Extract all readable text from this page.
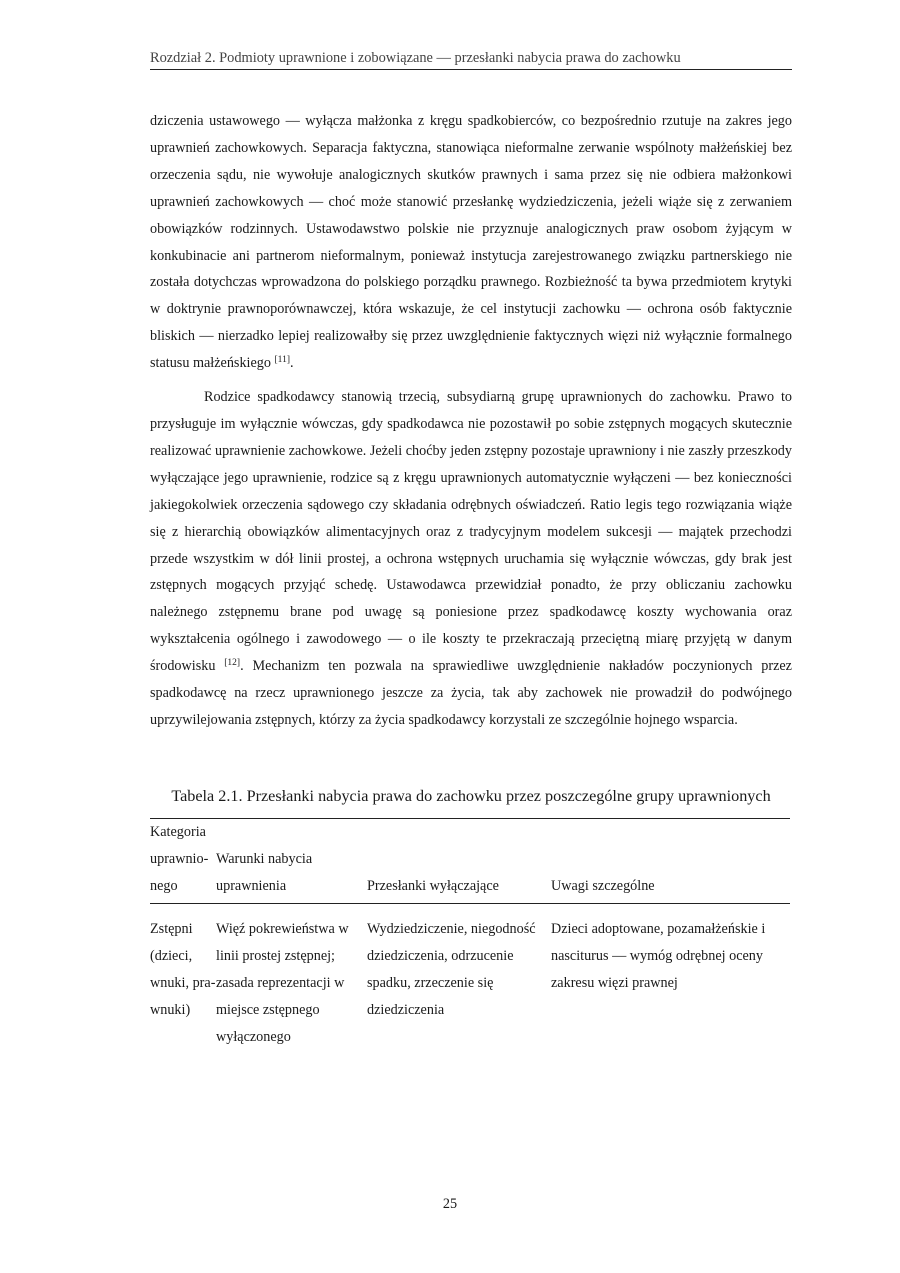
Rozdział 2. Podmioty uprawnione i zobowiązane — przesłanki nabycia prawa do zachowku

dziczenia ustawowego — wyłącza małżonka z kręgu spadkobierców, co bezpośrednio rzutuje na zakres jego uprawnień zachowkowych. Separacja faktyczna, stanowiąca nieformalne zerwanie wspólnoty małżeńskiej bez orzeczenia sądu, nie wywołuje analogicznych skutków prawnych i sama przez się nie odbiera małżonkowi uprawnień zachowkowych — choć może stanowić przesłankę wydziedziczenia, jeżeli wiąże się z zerwaniem obowiązków rodzinnych. Ustawodawstwo polskie nie przyznuje analogicznych praw osobom żyjącym w konkubinacie ani partnerom nieformalnym, ponieważ instytucja zarejestrowanego związku partnerskiego nie została dotychczas wprowadzona do polskiego porządku prawnego. Rozbieżność ta bywa przedmiotem krytyki w doktrynie prawnoporównawczej, która wskazuje, że cel instytucji zachowku — ochrona osób faktycznie bliskich — nierzadko lepiej realizowałby się przez uwzględnienie faktycznych więzi niż wyłącznie formalnego statusu małżeńskiego [11].

Rodzice spadkodawcy stanowią trzecią, subsydiarną grupę uprawnionych do zachowku. Prawo to przysługuje im wyłącznie wówczas, gdy spadkodawca nie pozostawił po sobie zstępnych mogących skutecznie realizować uprawnienie zachowkowe. Jeżeli choćby jeden zstępny pozostaje uprawniony i nie zaszły przeszkody wyłączające jego uprawnienie, rodzice są z kręgu uprawnionych automatycznie wyłączeni — bez konieczności jakiegokolwiek orzeczenia sądowego czy składania odrębnych oświadczeń. Ratio legis tego rozwiązania wiąże się z hierarchią obowiązków alimentacyjnych oraz z tradycyjnym modelem sukcesji — majątek przechodzi przede wszystkim w dół linii prostej, a ochrona wstępnych uruchamia się wyłącznie wówczas, gdy brak jest zstępnych mogących przyjąć schedę. Ustawodawca przewidział ponadto, że przy obliczaniu zachowku należnego zstępnemu brane pod uwagę są poniesione przez spadkodawcę koszty wychowania oraz wykształcenia ogólnego i zawodowego — o ile koszty te przekraczają przeciętną miarę przyjętą w danym środowisku [12]. Mechanizm ten pozwala na sprawiedliwe uwzględnienie nakładów poczynionych przez spadkodawcę na rzecz uprawnionego jeszcze za życia, tak aby zachowek nie prowadził do podwójnego uprzywilejowania zstępnych, którzy za życia spadkodawcy korzystali ze szczególnie hojnego wsparcia.

Tabela 2.1. Przesłanki nabycia prawa do zachowku przez poszczególne grupy uprawnionych
Kategoria uprawnionego	Warunki nabycia uprawnienia	Przesłanki wyłączające	Uwagi szczególne
Zstępni (dzieci, wnuki, prawnuki)	Więź pokrewieństwa w linii prostej zstępnej; zasada reprezentacji w miejsce zstępnego wyłączonego	Wydziedziczenie, niegodność dziedziczenia, odrzucenie spadku, zrzeczenie się dziedziczenia	Dzieci adoptowane, pozamałżeńskie i nasciturus — wymóg odrębnej oceny zakresu więzi prawnej
25
